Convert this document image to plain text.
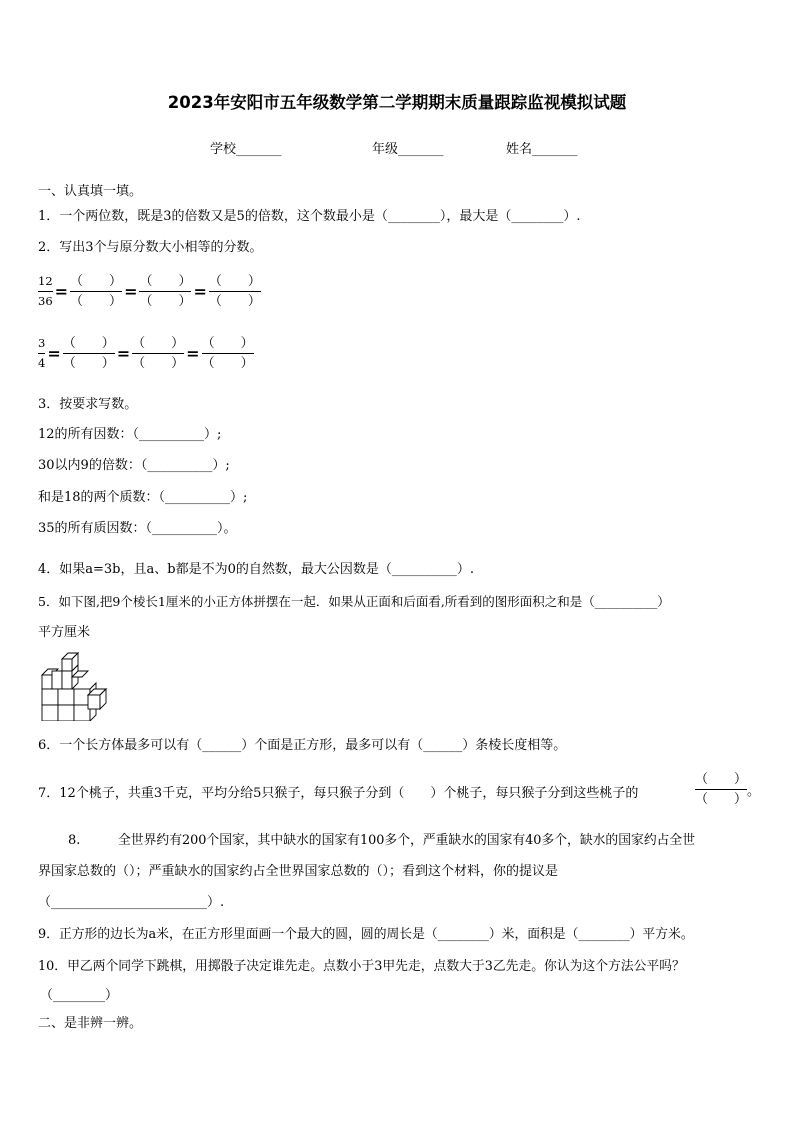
2023年安阳市五年级数学第二学期期末质量跟踪监视模拟试题
学校_______	年级_______	姓名_______
一、认真填一填。
1．一个两位数，既是3的倍数又是5的倍数，这个数最小是（________），最大是（________）.
2．写出3个与原分数大小相等的分数。
$\frac{12}{36} = \frac{( )}{( )} = \frac{( )}{( )} = \frac{( )}{( )}$
$\frac{3}{4} = \frac{( )}{( )} = \frac{( )}{( )} = \frac{( )}{( )}$
3．按要求写数。
12的所有因数：（__________）;
30以内9的倍数：（__________）;
和是18的两个质数：（__________）;
35的所有质因数：（__________）。
4．如果a=3b，且a、b都是不为0的自然数，最大公因数是（__________）.
5．如下图,把9个棱长1厘米的小正方体拼摆在一起．如果从正面和后面看,所看到的图形面积之和是（__________）
平方厘米
6．一个长方体最多可以有（______）个面是正方形，最多可以有（______）条棱长度相等。
7．12个桃子，共重3千克，平均分给5只猴子，每只猴子分到（　　）个桃子，每只猴子分到这些桃子的	$\frac{( )}{( )}$ 。
8.	全世界约有200个国家，其中缺水的国家有100多个，严重缺水的国家有40多个，缺水的国家约占全世
界国家总数的（）；严重缺水的国家约占全世界国家总数的（）；看到这个材料，你的提议是
（________________________）.
9．正方形的边长为a米，在正方形里面画一个最大的圆，圆的周长是（________）米，面积是（________）平方米。
10．甲乙两个同学下跳棋，用掷骰子决定谁先走。点数小于3甲先走，点数大于3乙先走。你认为这个方法公平吗？
（________）
二、是非辨一辨。
